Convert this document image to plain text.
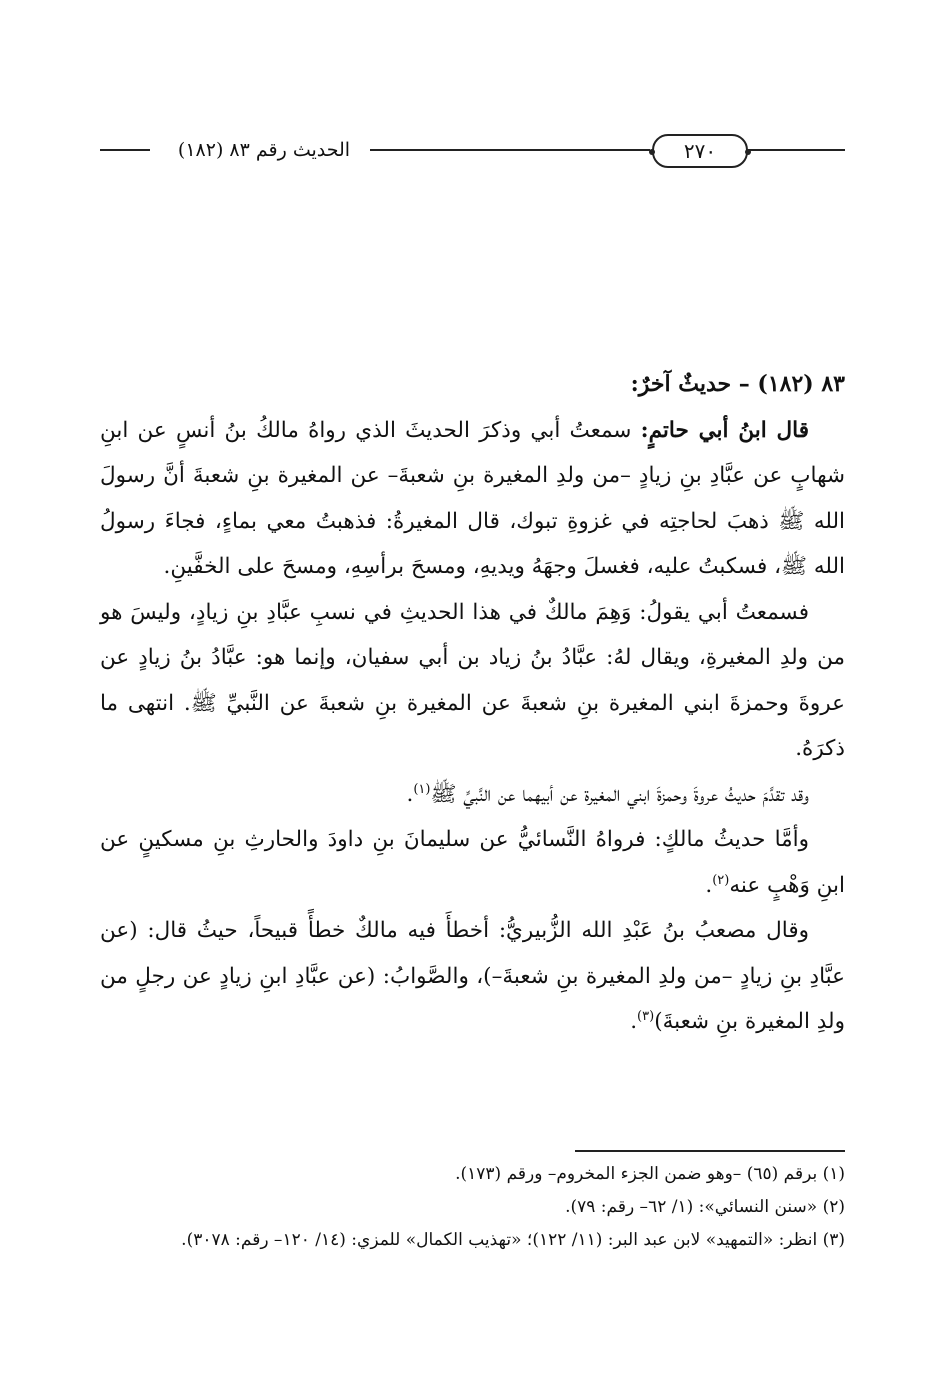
الحديث رقم ٨٣ (١٨٢)	٢٧٠

٨٣ (١٨٢) – حديثٌ آخرٌ:

قال ابنُ أبي حاتمٍ: سمعتُ أبي وذكرَ الحديثَ الذي رواهُ مالكُ بنُ أنسٍ عن ابنِ شهابٍ عن عبَّادِ بنِ زيادٍ –من ولدِ المغيرة بنِ شعبةَ– عن المغيرة بنِ شعبةَ أنَّ رسولَ الله ﷺ ذهبَ لحاجتِه في غزوةِ تبوك، قال المغيرةُ: فذهبتُ معي بماءٍ، فجاءَ رسولُ الله ﷺ، فسكبتُ عليه، فغسلَ وجهَهُ ويديهِ، ومسحَ برأسِهِ، ومسحَ على الخفَّينِ.

فسمعتُ أبي يقولُ: وَهِمَ مالكٌ في هذا الحديثِ في نسبِ عبَّادِ بنِ زيادٍ، وليسَ هو من ولدِ المغيرةِ، ويقال لهُ: عبَّادُ بنُ زياد بن أبي سفيان، وإنما هو: عبَّادُ بنُ زيادٍ عن عروةَ وحمزةَ ابني المغيرة بنِ شعبةَ عن المغيرة بنِ شعبةَ عن النَّبيِّ ﷺ. انتهى ما ذكرَهُ.

وقد تقدَّمَ حديثُ عروةَ وحمزةَ ابني المغيرة عن أبيهما عن النَّبيِّ ﷺ$^{(١)}$.

وأمَّا حديثُ مالكٍ: فرواهُ النَّسائيُّ عن سليمانَ بنِ داودَ والحارثِ بنِ مسكينٍ عن ابنِ وَهْبٍ عنه$^{(٢)}$.

وقال مصعبُ بنُ عَبْدِ الله الزُّبيريُّ: أخطأَ فيه مالكٌ خطأً قبيحاً، حيثُ قال: (عن عبَّادِ بنِ زيادٍ –من ولدِ المغيرة بنِ شعبةَ–)، والصَّوابُ: (عن عبَّادِ ابنِ زيادٍ عن رجلٍ من ولدِ المغيرة بنِ شعبةَ)$^{(٣)}$.

(١) برقم (٦٥) –وهو ضمن الجزء المخروم– ورقم (١٧٣).

(٢) «سنن النسائي»: (١/ ٦٢– رقم: ٧٩).

(٣) انظر: «التمهيد» لابن عبد البر: (١١/ ١٢٢)؛ «تهذيب الكمال» للمزي: (١٤/ ١٢٠– رقم: ٣٠٧٨).
